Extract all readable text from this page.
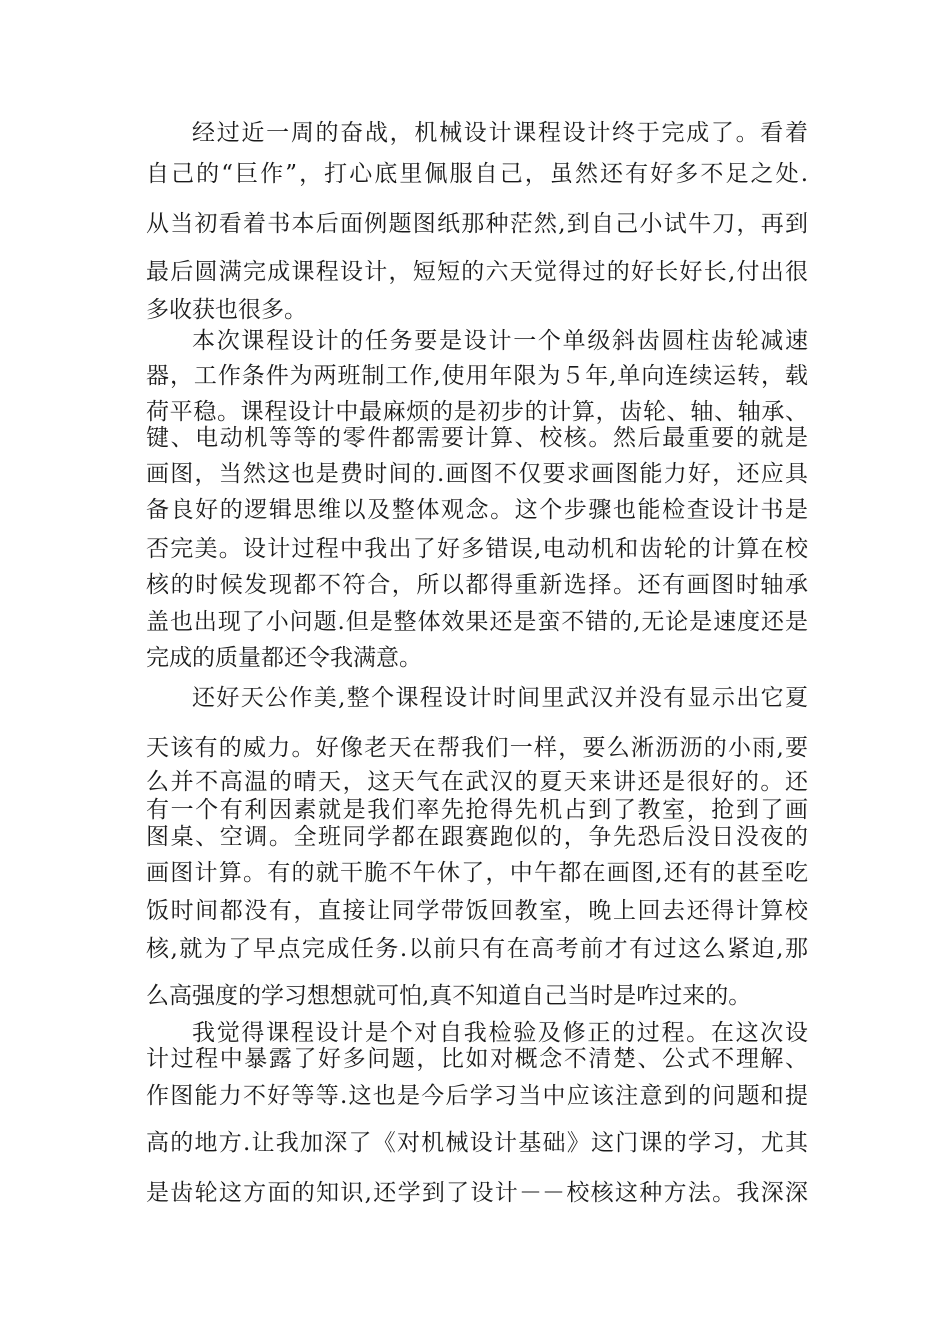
经过近一周的奋战，机械设计课程设计终于完成了。看着
自己的“巨作”，打心底里佩服自己，虽然还有好多不足之处.
从当初看着书本后面例题图纸那种茫然,到自己小试牛刀，再到
最后圆满完成课程设计，短短的六天觉得过的好长好长,付出很
多收获也很多。
本次课程设计的任务要是设计一个单级斜齿圆柱齿轮减速
器，工作条件为两班制工作,使用年限为５年,单向连续运转，载
荷平稳。课程设计中最麻烦的是初步的计算，齿轮、轴、轴承、
键、电动机等等的零件都需要计算、校核。然后最重要的就是
画图，当然这也是费时间的.画图不仅要求画图能力好，还应具
备良好的逻辑思维以及整体观念。这个步骤也能检查设计书是
否完美。设计过程中我出了好多错误,电动机和齿轮的计算在校
核的时候发现都不符合，所以都得重新选择。还有画图时轴承
盖也出现了小问题.但是整体效果还是蛮不错的,无论是速度还是
完成的质量都还令我满意。
还好天公作美,整个课程设计时间里武汉并没有显示出它夏
天该有的威力。好像老天在帮我们一样，要么淅沥沥的小雨,要
么并不高温的晴天，这天气在武汉的夏天来讲还是很好的。还
有一个有利因素就是我们率先抢得先机占到了教室，抢到了画
图桌、空调。全班同学都在跟赛跑似的，争先恐后没日没夜的
画图计算。有的就干脆不午休了，中午都在画图,还有的甚至吃
饭时间都没有，直接让同学带饭回教室，晚上回去还得计算校
核,就为了早点完成任务.以前只有在高考前才有过这么紧迫,那
么高强度的学习想想就可怕,真不知道自己当时是咋过来的。
我觉得课程设计是个对自我检验及修正的过程。在这次设
计过程中暴露了好多问题，比如对概念不清楚、公式不理解、
作图能力不好等等.这也是今后学习当中应该注意到的问题和提
高的地方.让我加深了《对机械设计基础》这门课的学习，尤其
是齿轮这方面的知识,还学到了设计－－校核这种方法。我深深
